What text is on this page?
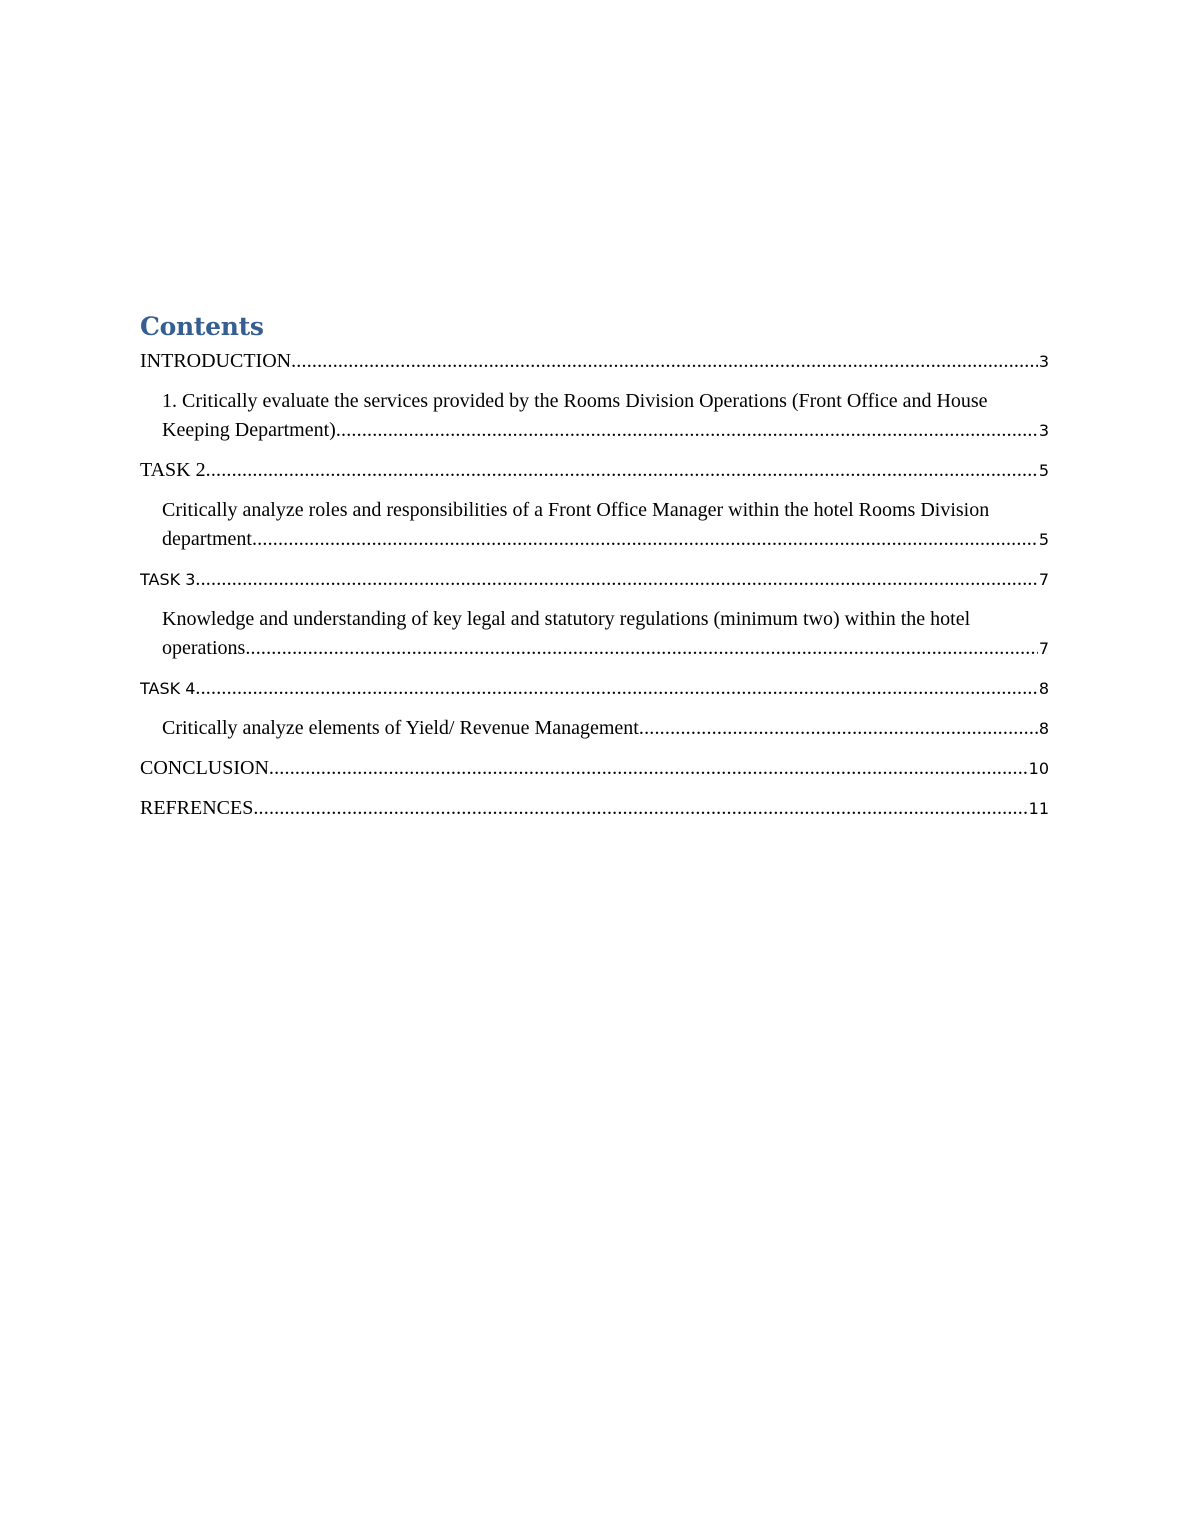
Contents
INTRODUCTION .....	3
1. Critically evaluate the services provided by the Rooms Division Operations (Front Office and House
Keeping Department) .....	3
TASK 2 .....	5
Critically analyze roles and responsibilities of a Front Office Manager within the hotel Rooms Division
department .....	5
TASK 3 .....	7
Knowledge and understanding of key legal and statutory regulations (minimum two) within the hotel
operations .....	7
TASK 4 .....	8
Critically analyze elements of Yield/ Revenue Management .....	8
CONCLUSION .....	10
REFRENCES .....	11
